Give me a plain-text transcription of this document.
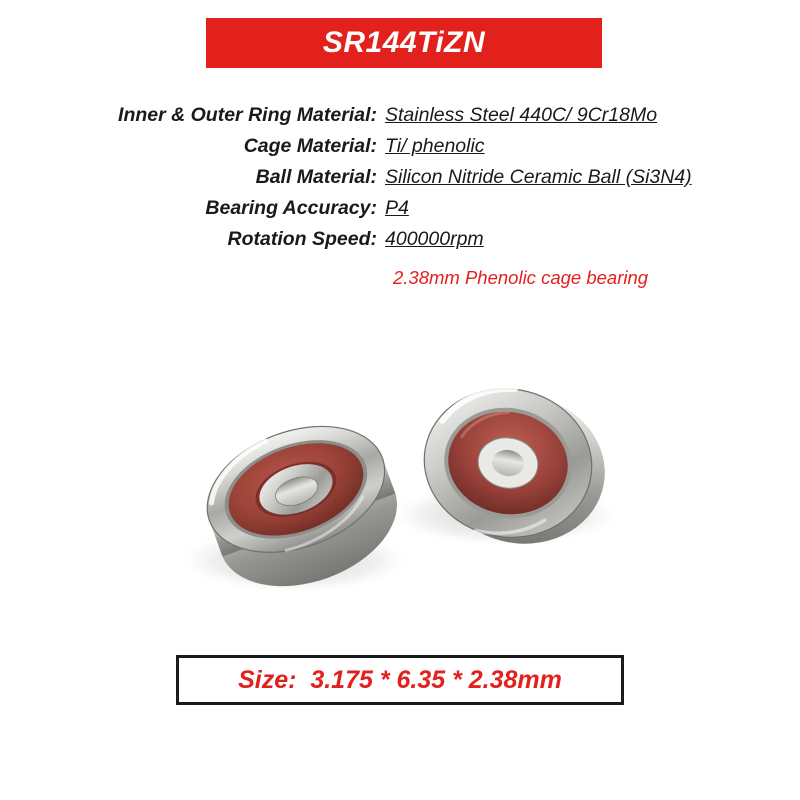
SR144TiZN
Inner & Outer Ring Material: Stainless Steel 440C/ 9Cr18Mo
Cage Material: Ti/ phenolic
Ball Material: Silicon Nitride Ceramic Ball (Si3N4)
Bearing Accuracy: P4
Rotation Speed: 400000rpm
2.38mm Phenolic cage bearing
Size:  3.175 * 6.35 * 2.38mm
